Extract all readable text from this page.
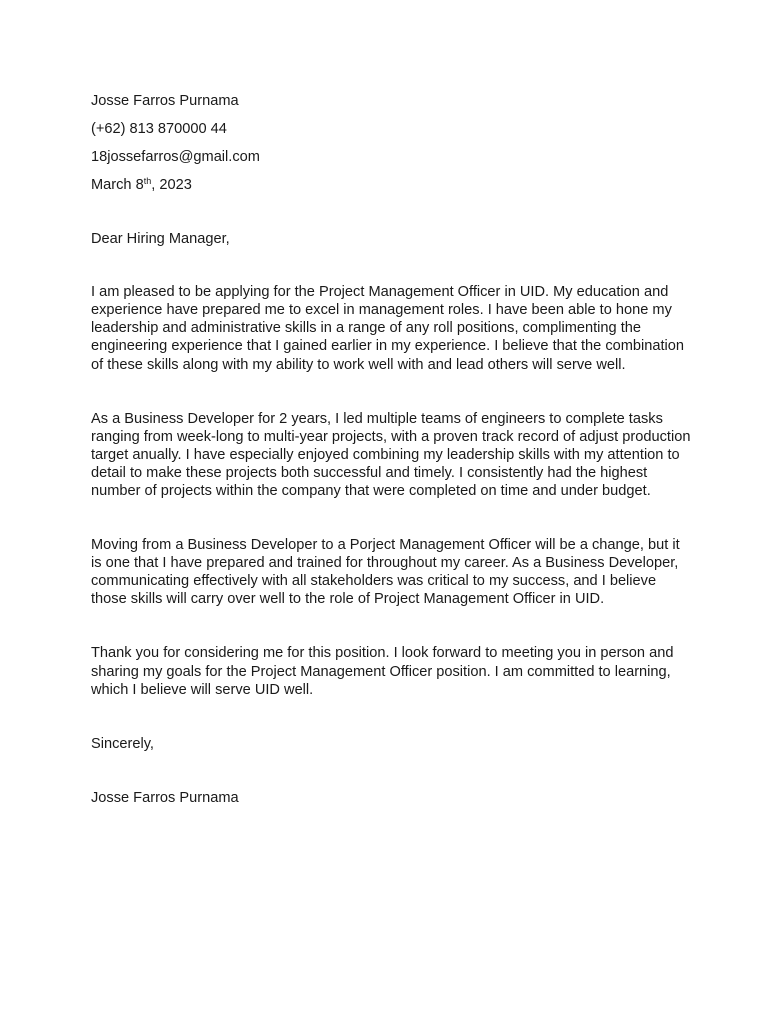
Josse Farros Purnama
(+62) 813 870000 44
18jossefarros@gmail.com
March 8th, 2023
Dear Hiring Manager,

I am pleased to be applying for the Project Management Officer in UID. My education and experience have prepared me to excel in management roles. I have been able to hone my leadership and administrative skills in a range of any roll positions, complimenting the engineering experience that I gained earlier in my experience. I believe that the combination of these skills along with my ability to work well with and lead others will serve well.

As a Business Developer for 2 years, I led multiple teams of engineers to complete tasks ranging from week-long to multi-year projects, with a proven track record of adjust production target anually. I have especially enjoyed combining my leadership skills with my attention to detail to make these projects both successful and timely. I consistently had the highest number of projects within the company that were completed on time and under budget.

Moving from a Business Developer to a Porject Management Officer will be a change, but it is one that I have prepared and trained for throughout my career. As a Business Developer, communicating effectively with all stakeholders was critical to my success, and I believe those skills will carry over well to the role of Project Management Officer in UID.

Thank you for considering me for this position. I look forward to meeting you in person and sharing my goals for the Project Management Officer position. I am committed to learning, which I believe will serve UID well.

Sincerely,
Josse Farros Purnama
